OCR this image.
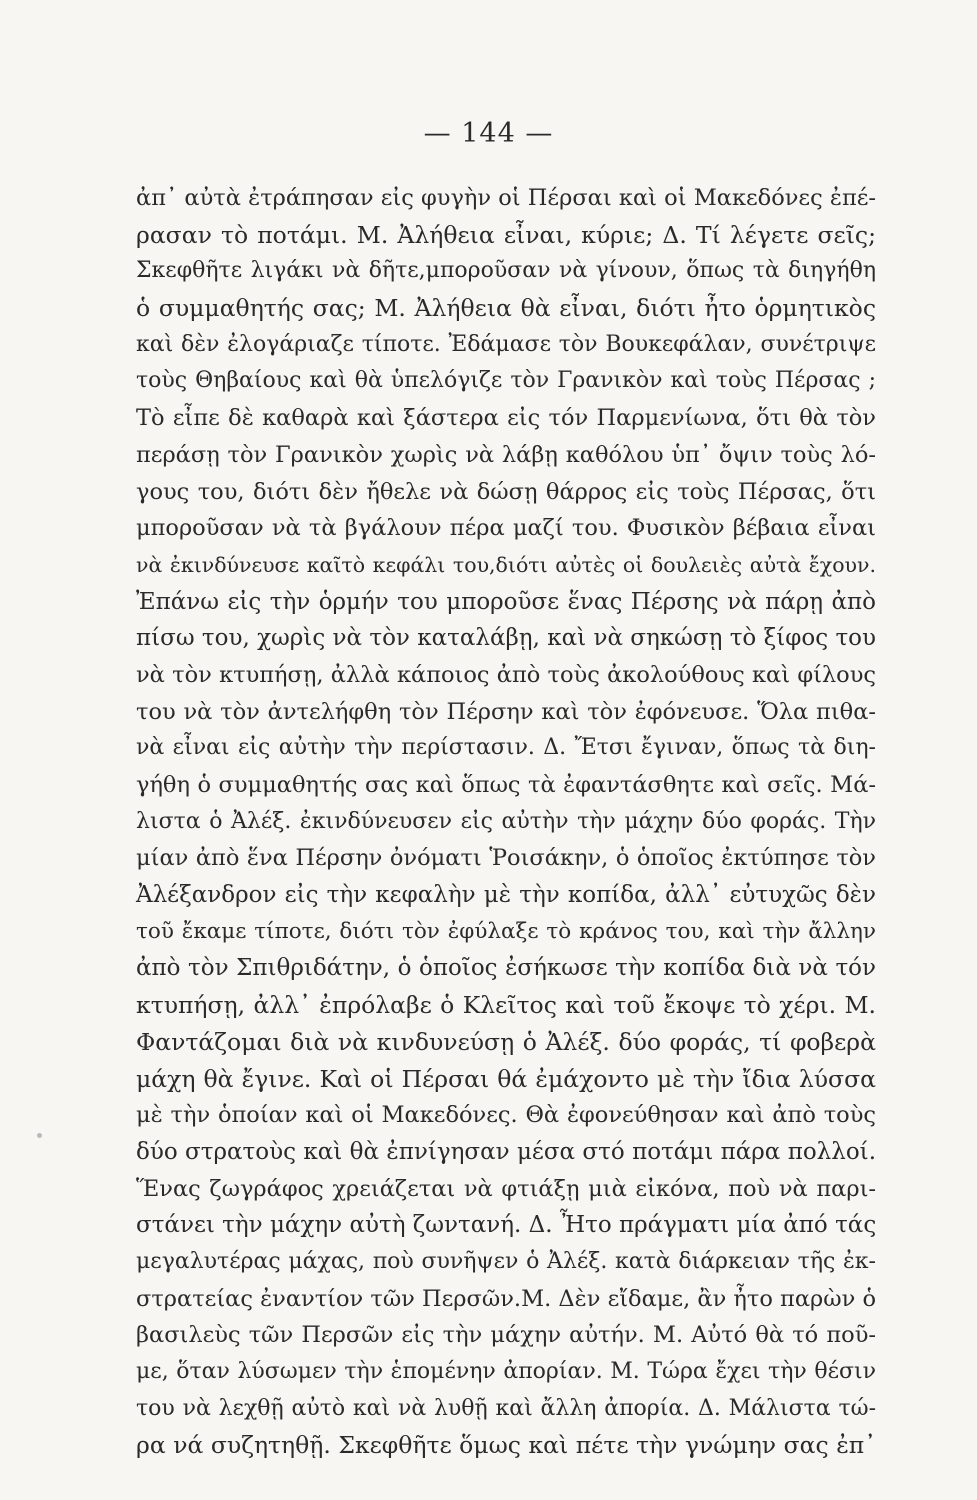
— 144 —
ἀπ᾽ αὐτὰ ἐτράπησαν εἰς φυγὴν οἱ Πέρσαι καὶ οἱ Μακεδόνες ἐπέ-
ρασαν τὸ ποτάμι. Μ. Ἀλήθεια εἶναι, κύριε; Δ. Τί λέγετε σεῖς;
Σκεφθῆτε λιγάκι νὰ δῆτε,μποροῦσαν νὰ γίνουν, ὅπως τὰ διηγήθη
ὁ συμμαθητής σας; Μ. Ἀλήθεια θὰ εἶναι, διότι ἦτο ὁρμητικὸς
καὶ δὲν ἐλογάριαζε τίποτε. Ἐδάμασε τὸν Βουκεφάλαν, συνέτριψε
τοὺς Θηβαίους καὶ θὰ ὑπελόγιζε τὸν Γρανικὸν καὶ τοὺς Πέρσας ;
Τὸ εἶπε δὲ καθαρὰ καὶ ξάστερα εἰς τόν Παρμενίωνα, ὅτι θὰ τὸν
περάσῃ τὸν Γρανικὸν χωρὶς νὰ λάβῃ καθόλου ὑπ᾽ ὄψιν τοὺς λό-
γους του, διότι δὲν ἤθελε νὰ δώσῃ θάρρος εἰς τοὺς Πέρσας, ὅτι
μποροῦσαν νὰ τὰ βγάλουν πέρα μαζί του. Φυσικὸν βέβαια εἶναι
νὰ ἐκινδύνευσε καῖτὸ κεφάλι του,διότι αὐτὲς οἱ δουλειὲς αὐτὰ ἔχουν.
Ἐπάνω εἰς τὴν ὁρμήν του μποροῦσε ἕνας Πέρσης νὰ πάρῃ ἀπὸ
πίσω του, χωρὶς νὰ τὸν καταλάβῃ, καὶ νὰ σηκώσῃ τὸ ξίφος του
νὰ τὸν κτυπήσῃ, ἀλλὰ κάποιος ἀπὸ τοὺς ἀκολούθους καὶ φίλους
του νὰ τὸν ἀντελήφθη τὸν Πέρσην καὶ τὸν ἐφόνευσε. Ὅλα πιθα-
νὰ εἶναι εἰς αὐτὴν τὴν περίστασιν. Δ. Ἔτσι ἔγιναν, ὅπως τὰ διη-
γήθη ὁ συμμαθητής σας καὶ ὅπως τὰ ἐφαντάσθητε καὶ σεῖς. Μά-
λιστα ὁ Ἀλέξ. ἐκινδύνευσεν εἰς αὐτὴν τὴν μάχην δύο φοράς. Τὴν
μίαν ἀπὸ ἕνα Πέρσην ὀνόματι Ῥοισάκην, ὁ ὁποῖος ἐκτύπησε τὸν
Ἀλέξανδρον εἰς τὴν κεφαλὴν μὲ τὴν κοπίδα, ἀλλ᾽ εὐτυχῶς δὲν
τοῦ ἔκαμε τίποτε, διότι τὸν ἐφύλαξε τὸ κράνος του, καὶ τὴν ἄλλην
ἀπὸ τὸν Σπιθριδάτην, ὁ ὁποῖος ἐσήκωσε τὴν κοπίδα διὰ νὰ τόν
κτυπήσῃ, ἀλλ᾽ ἐπρόλαβε ὁ Κλεῖτος καὶ τοῦ ἔκοψε τὸ χέρι. Μ.
Φαντάζομαι διὰ νὰ κινδυνεύσῃ ὁ Ἀλέξ. δύο φοράς, τί φοβερὰ
μάχη θὰ ἔγινε. Καὶ οἱ Πέρσαι θά ἐμάχοντο μὲ τὴν ἴδια λύσσα
μὲ τὴν ὁποίαν καὶ οἱ Μακεδόνες. Θὰ ἐφονεύθησαν καὶ ἀπὸ τοὺς
δύο στρατοὺς καὶ θὰ ἐπνίγησαν μέσα στό ποτάμι πάρα πολλοί.
Ἕνας ζωγράφος χρειάζεται νὰ φτιάξῃ μιὰ εἰκόνα, ποὺ νὰ παρι-
στάνει τὴν μάχην αὐτὴ ζωντανή. Δ. Ἦτο πράγματι μία ἀπό τάς
μεγαλυτέρας μάχας, ποὺ συνῆψεν ὁ Ἀλέξ. κατὰ διάρκειαν τῆς ἐκ-
στρατείας ἐναντίον τῶν Περσῶν.Μ. Δὲν εἴδαμε, ἂν ἦτο παρὼν ὁ
βασιλεὺς τῶν Περσῶν εἰς τὴν μάχην αὐτήν. Μ. Αὐτό θὰ τό ποῦ-
με, ὅταν λύσωμεν τὴν ἑπομένην ἀπορίαν. Μ. Τώρα ἔχει τὴν θέσιν
του νὰ λεχθῇ αὐτὸ καὶ νὰ λυθῇ καὶ ἄλλη ἀπορία. Δ. Μάλιστα τώ-
ρα νά συζητηθῇ. Σκεφθῆτε ὅμως καὶ πέτε τὴν γνώμην σας ἐπ᾽
